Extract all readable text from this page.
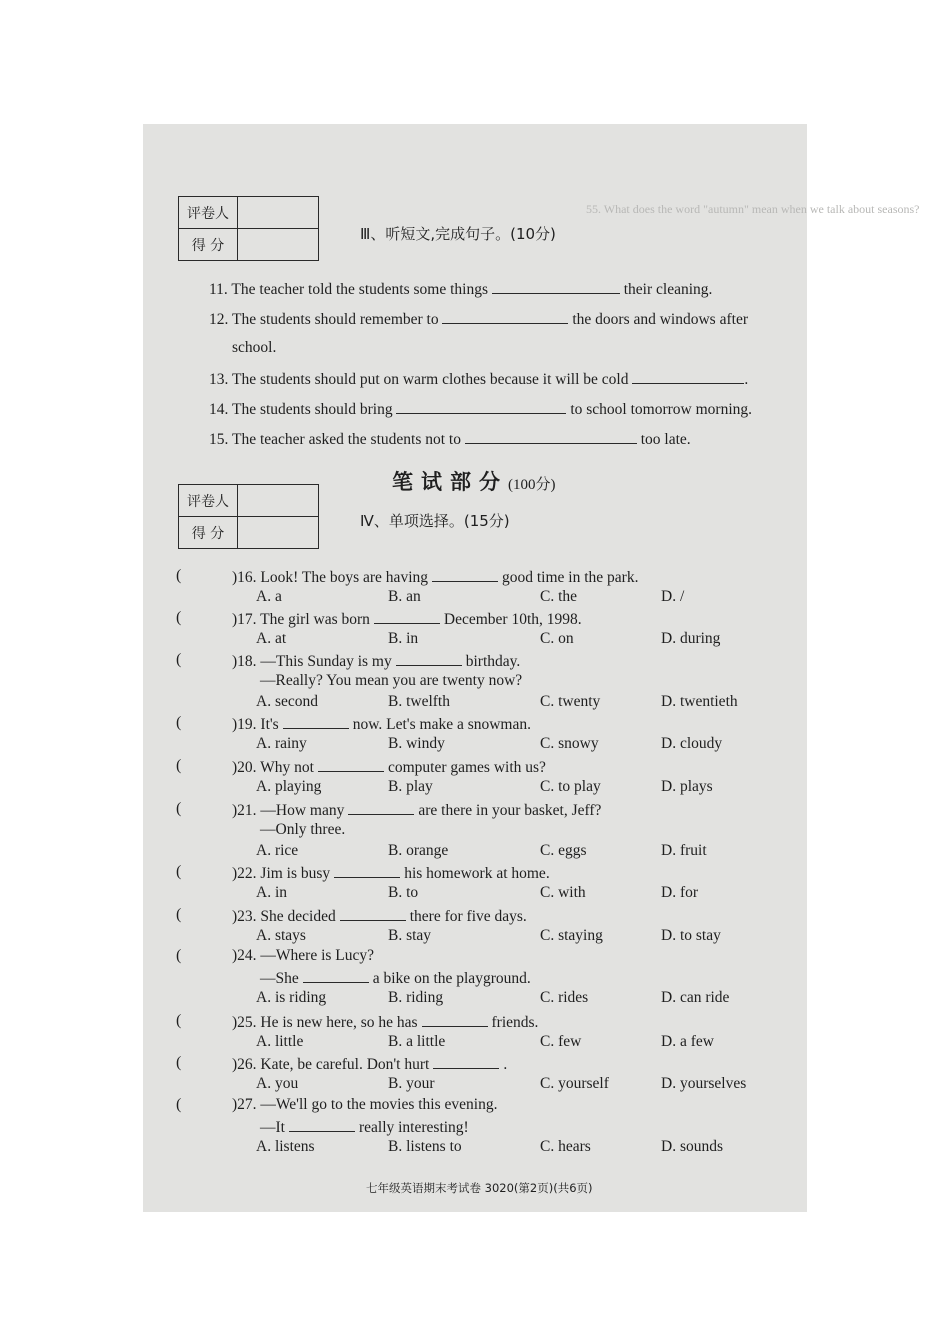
55. What does the word "autumn" mean when we talk about seasons?
评卷人	
得 分	
Ⅲ、听短文,完成句子。(10分)
11. The teacher told the students some things	their cleaning.
12. The students should remember to	the doors and windows after
school.
13. The students should put on warm clothes because it will be cold	.
14. The students should bring	to school tomorrow morning.
15. The teacher asked the students not to	too late.
笔试部分(100分)
评卷人	
得 分	
Ⅳ、单项选择。(15分)
(	)16. Look! The boys are having	good time in the park.
A. a	B. an	C. the	D. /
(	)17. The girl was born	December 10th, 1998.
A. at	B. in	C. on	D. during
(	)18. —This Sunday is my	birthday.
—Really? You mean you are twenty now?
A. second	B. twelfth	C. twenty	D. twentieth
(	)19. It's	now. Let's make a snowman.
A. rainy	B. windy	C. snowy	D. cloudy
(	)20. Why not	computer games with us?
A. playing	B. play	C. to play	D. plays
(	)21. —How many	are there in your basket, Jeff?
—Only three.
A. rice	B. orange	C. eggs	D. fruit
(	)22. Jim is busy	his homework at home.
A. in	B. to	C. with	D. for
(	)23. She decided	there for five days.
A. stays	B. stay	C. staying	D. to stay
(	)24. —Where is Lucy?
—She	a bike on the playground.
A. is riding	B. riding	C. rides	D. can ride
(	)25. He is new here, so he has	friends.
A. little	B. a little	C. few	D. a few
(	)26. Kate, be careful. Don't hurt	.
A. you	B. your	C. yourself	D. yourselves
(	)27. —We'll go to the movies this evening.
—It	really interesting!
A. listens	B. listens to	C. hears	D. sounds
七年级英语期末考试卷 3020(第2页)(共6页)
